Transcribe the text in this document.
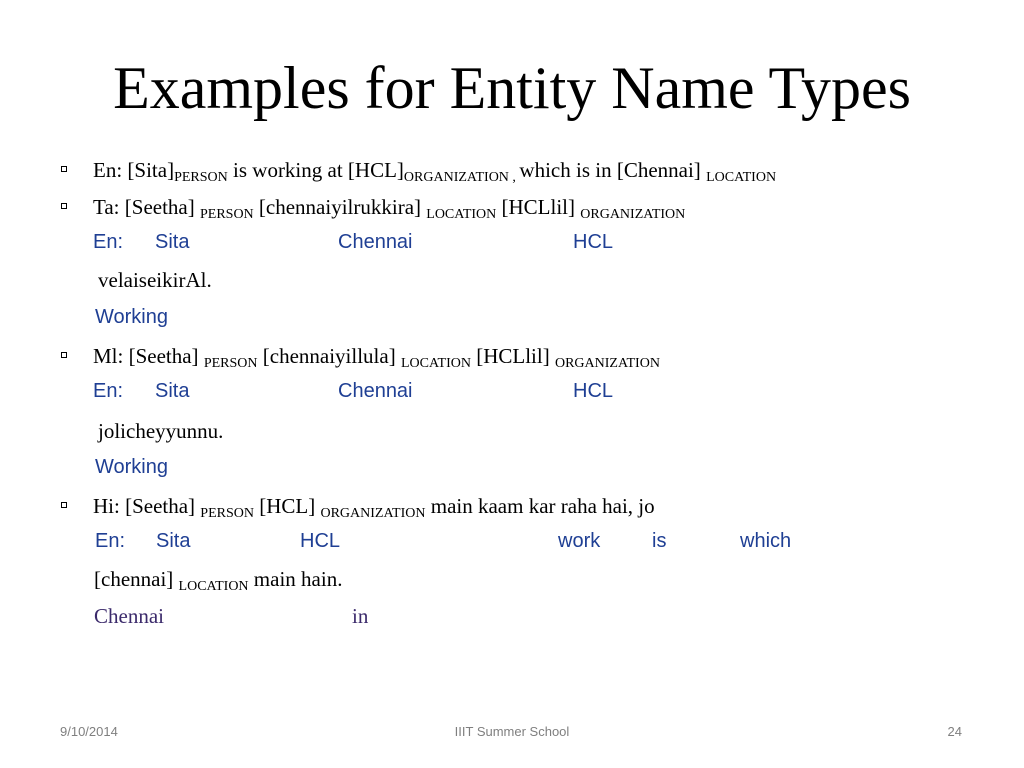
Examples for Entity Name Types
En: $[Sita]_{PERSON}$ is working at $[HCL]_{ORGANIZATION ,}$ which is in [Chennai] $_{LOCATION}$
Ta: [Seetha] $_{PERSON}$ [chennaiyilrukkira] $_{LOCATION}$ [HCLlil] $_{ORGANIZATION}$
En: Sita	Chennai	HCL
velaiseikirAl.
Working
Ml: [Seetha] $_{PERSON}$ [chennaiyillula] $_{LOCATION}$ [HCLlil] $_{ORGANIZATION}$
En: Sita	Chennai	HCL
jolicheyyunnu.
Working
Hi: [Seetha] $_{PERSON}$ [HCL] $_{ORGANIZATION}$ main kaam kar raha hai, jo
En: Sita	HCL	work	is	which
[chennai] $_{LOCATION}$ main hain.
Chennai	in
9/10/2014	IIIT Summer School	24
